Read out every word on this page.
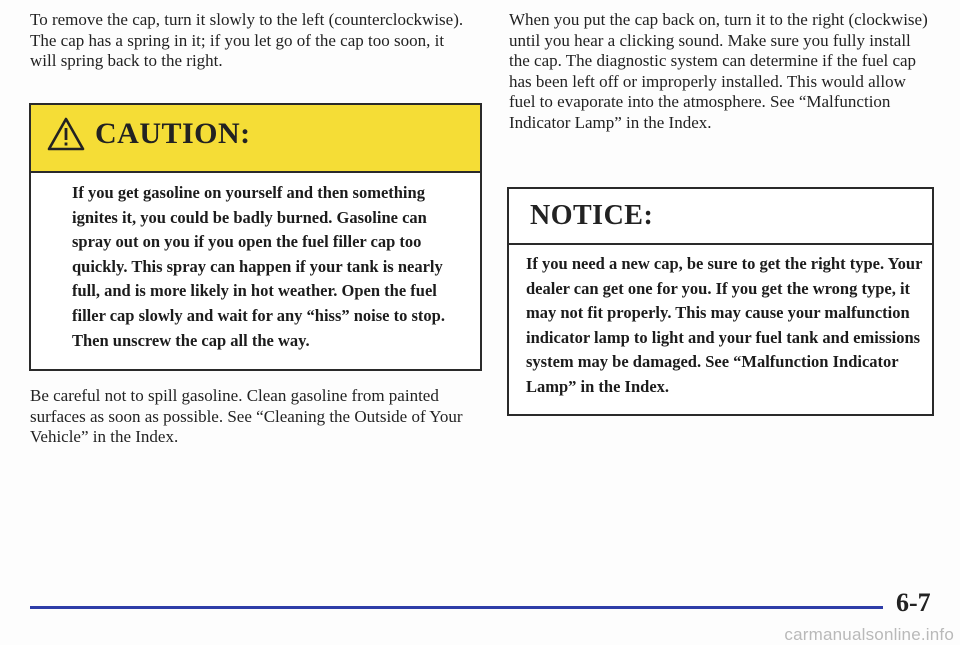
To remove the cap, turn it slowly to the left (counterclockwise). The cap has a spring in it; if you let go of the cap too soon, it will spring back to the right.

CAUTION:

If you get gasoline on yourself and then something ignites it, you could be badly burned. Gasoline can spray out on you if you open the fuel filler cap too quickly. This spray can happen if your tank is nearly full, and is more likely in hot weather. Open the fuel filler cap slowly and wait for any “hiss” noise to stop. Then unscrew the cap all the way.

Be careful not to spill gasoline. Clean gasoline from painted surfaces as soon as possible. See “Cleaning the Outside of Your Vehicle” in the Index.

When you put the cap back on, turn it to the right (clockwise) until you hear a clicking sound. Make sure you fully install the cap. The diagnostic system can determine if the fuel cap has been left off or improperly installed. This would allow fuel to evaporate into the atmosphere. See “Malfunction Indicator Lamp” in the Index.

NOTICE:

If you need a new cap, be sure to get the right type. Your dealer can get one for you. If you get the wrong type, it may not fit properly. This may cause your malfunction indicator lamp to light and your fuel tank and emissions system may be damaged. See “Malfunction Indicator Lamp” in the Index.

6-7
carmanualsonline.info
